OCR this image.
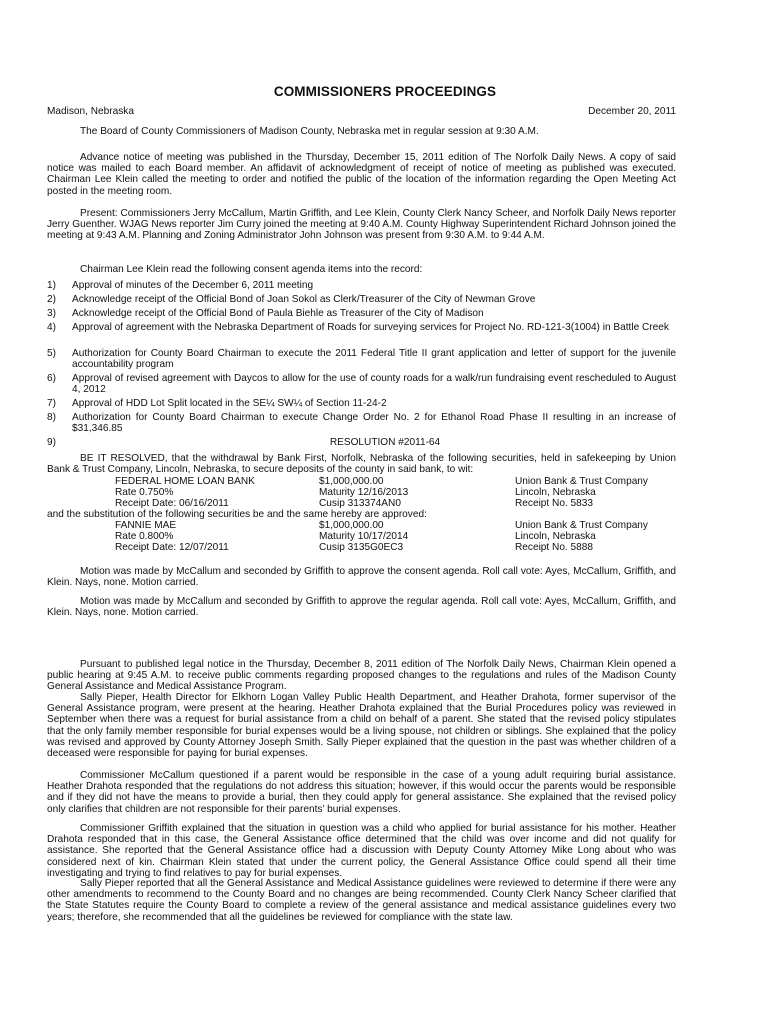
COMMISSIONERS PROCEEDINGS
Madison, Nebraska	December 20, 2011
The Board of County Commissioners of Madison County, Nebraska met in regular session at 9:30 A.M.
Advance notice of meeting was published in the Thursday, December 15, 2011 edition of The Norfolk Daily News. A copy of said notice was mailed to each Board member. An affidavit of acknowledgment of receipt of notice of meeting as published was executed. Chairman Lee Klein called the meeting to order and notified the public of the location of the information regarding the Open Meeting Act posted in the meeting room.
Present: Commissioners Jerry McCallum, Martin Griffith, and Lee Klein, County Clerk Nancy Scheer, and Norfolk Daily News reporter Jerry Guenther. WJAG News reporter Jim Curry joined the meeting at 9:40 A.M. County Highway Superintendent Richard Johnson joined the meeting at 9:43 A.M. Planning and Zoning Administrator John Johnson was present from 9:30 A.M. to 9:44 A.M.
Chairman Lee Klein read the following consent agenda items into the record:
1) Approval of minutes of the December 6, 2011 meeting
2) Acknowledge receipt of the Official Bond of Joan Sokol as Clerk/Treasurer of the City of Newman Grove
3) Acknowledge receipt of the Official Bond of Paula Biehle as Treasurer of the City of Madison
4) Approval of agreement with the Nebraska Department of Roads for surveying services for Project No. RD-121-3(1004) in Battle Creek
5) Authorization for County Board Chairman to execute the 2011 Federal Title II grant application and letter of support for the juvenile accountability program
6) Approval of revised agreement with Daycos to allow for the use of county roads for a walk/run fundraising event rescheduled to August 4, 2012
7) Approval of HDD Lot Split located in the SE¼ SW¼ of Section 11-24-2
8) Authorization for County Board Chairman to execute Change Order No. 2 for Ethanol Road Phase II resulting in an increase of $31,346.85
9)	RESOLUTION #2011-64
BE IT RESOLVED, that the withdrawal by Bank First, Norfolk, Nebraska of the following securities, held in safekeeping by Union Bank & Trust Company, Lincoln, Nebraska, to secure deposits of the county in said bank, to wit:
FEDERAL HOME LOAN BANK	$1,000,000.00	Union Bank & Trust Company
Rate 0.750%	Maturity 12/16/2013	Lincoln, Nebraska
Receipt Date: 06/16/2011	Cusip 313374AN0	Receipt No. 5833
and the substitution of the following securities be and the same hereby are approved:
FANNIE MAE	$1,000,000.00	Union Bank & Trust Company
Rate 0.800%	Maturity 10/17/2014	Lincoln, Nebraska
Receipt Date: 12/07/2011	Cusip 3135G0EC3	Receipt No. 5888
Motion was made by McCallum and seconded by Griffith to approve the consent agenda. Roll call vote: Ayes, McCallum, Griffith, and Klein. Nays, none. Motion carried.
Motion was made by McCallum and seconded by Griffith to approve the regular agenda. Roll call vote: Ayes, McCallum, Griffith, and Klein. Nays, none. Motion carried.
Pursuant to published legal notice in the Thursday, December 8, 2011 edition of The Norfolk Daily News, Chairman Klein opened a public hearing at 9:45 A.M. to receive public comments regarding proposed changes to the regulations and rules of the Madison County General Assistance and Medical Assistance Program.
Sally Pieper, Health Director for Elkhorn Logan Valley Public Health Department, and Heather Drahota, former supervisor of the General Assistance program, were present at the hearing. Heather Drahota explained that the Burial Procedures policy was reviewed in September when there was a request for burial assistance from a child on behalf of a parent. She stated that the revised policy stipulates that the only family member responsible for burial expenses would be a living spouse, not children or siblings. She explained that the policy was revised and approved by County Attorney Joseph Smith. Sally Pieper explained that the question in the past was whether children of a deceased were responsible for paying for burial expenses.
Commissioner McCallum questioned if a parent would be responsible in the case of a young adult requiring burial assistance. Heather Drahota responded that the regulations do not address this situation; however, if this would occur the parents would be responsible and if they did not have the means to provide a burial, then they could apply for general assistance. She explained that the revised policy only clarifies that children are not responsible for their parents’ burial expenses.
Commissioner Griffith explained that the situation in question was a child who applied for burial assistance for his mother. Heather Drahota responded that in this case, the General Assistance office determined that the child was over income and did not qualify for assistance. She reported that the General Assistance office had a discussion with Deputy County Attorney Mike Long about who was considered next of kin. Chairman Klein stated that under the current policy, the General Assistance Office could spend all their time investigating and trying to find relatives to pay for burial expenses.
Sally Pieper reported that all the General Assistance and Medical Assistance guidelines were reviewed to determine if there were any other amendments to recommend to the County Board and no changes are being recommended. County Clerk Nancy Scheer clarified that the State Statutes require the County Board to complete a review of the general assistance and medical assistance guidelines every two years; therefore, she recommended that all the guidelines be reviewed for compliance with the state law.
